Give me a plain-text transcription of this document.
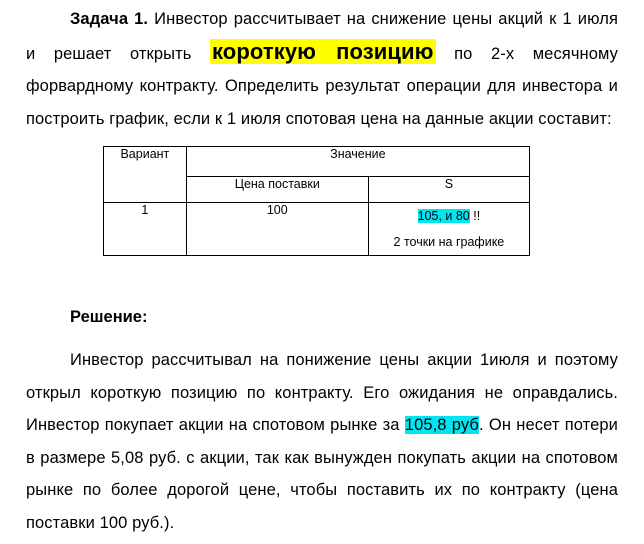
Задача 1. Инвестор рассчитывает на снижение цены акций к 1 июля и решает открыть короткую позицию по 2-х месячному форвардному контракту. Определить результат операции для инвестора и построить график, если к 1 июля спотовая цена на данные акции составит:
Вариант	Значение	
	Цена поставки	S
1	100	105, и 80 !!
2 точки на графике
Решение:
Инвестор рассчитывал на понижение цены акции 1июля и поэтому открыл короткую позицию по контракту. Его ожидания не оправдались. Инвестор покупает акции на спотовом рынке за 105,8 руб. Он несет потери в размере 5,08 руб. с акции, так как вынужден покупать акции на спотовом рынке по более дорогой цене, чтобы поставить их по контракту (цена поставки 100 руб.).
